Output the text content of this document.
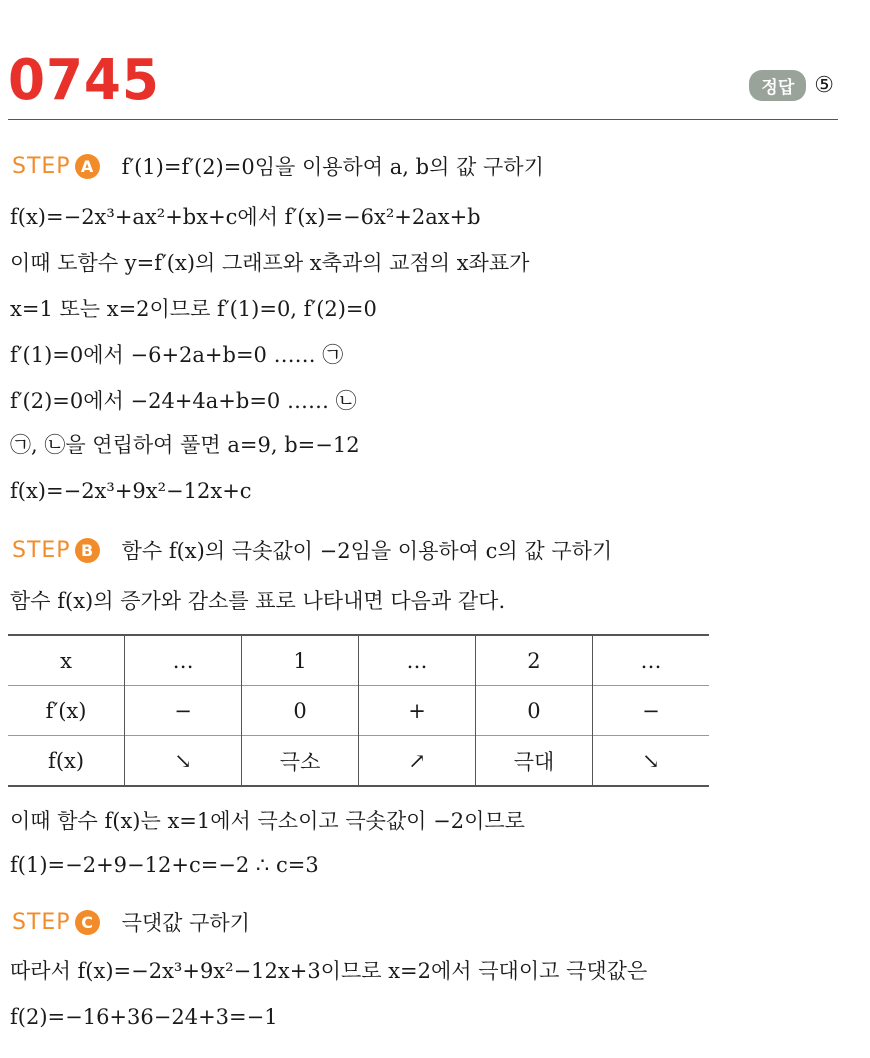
0745	정답 ⑤
STEP A	f′(1)=f′(2)=0임을 이용하여 a, b의 값 구하기
f(x)=−2x³+ax²+bx+c에서 f′(x)=−6x²+2ax+b
이때 도함수 y=f′(x)의 그래프와 x축과의 교점의 x좌표가
x=1 또는 x=2이므로 f′(1)=0, f′(2)=0
f′(1)=0에서 −6+2a+b=0 …… ㉠
f′(2)=0에서 −24+4a+b=0 …… ㉡
㉠, ㉡을 연립하여 풀면 a=9, b=−12
f(x)=−2x³+9x²−12x+c
STEP B	함수 f(x)의 극솟값이 −2임을 이용하여 c의 값 구하기
함수 f(x)의 증가와 감소를 표로 나타내면 다음과 같다.
x	…	1	…	2	…
f′(x)	−	0	+	0	−
f(x)	↘	극소	↗	극대	↘
이때 함수 f(x)는 x=1에서 극소이고 극솟값이 −2이므로
f(1)=−2+9−12+c=−2 ∴ c=3
STEP C	극댓값 구하기
따라서 f(x)=−2x³+9x²−12x+3이므로 x=2에서 극대이고 극댓값은
f(2)=−16+36−24+3=−1
